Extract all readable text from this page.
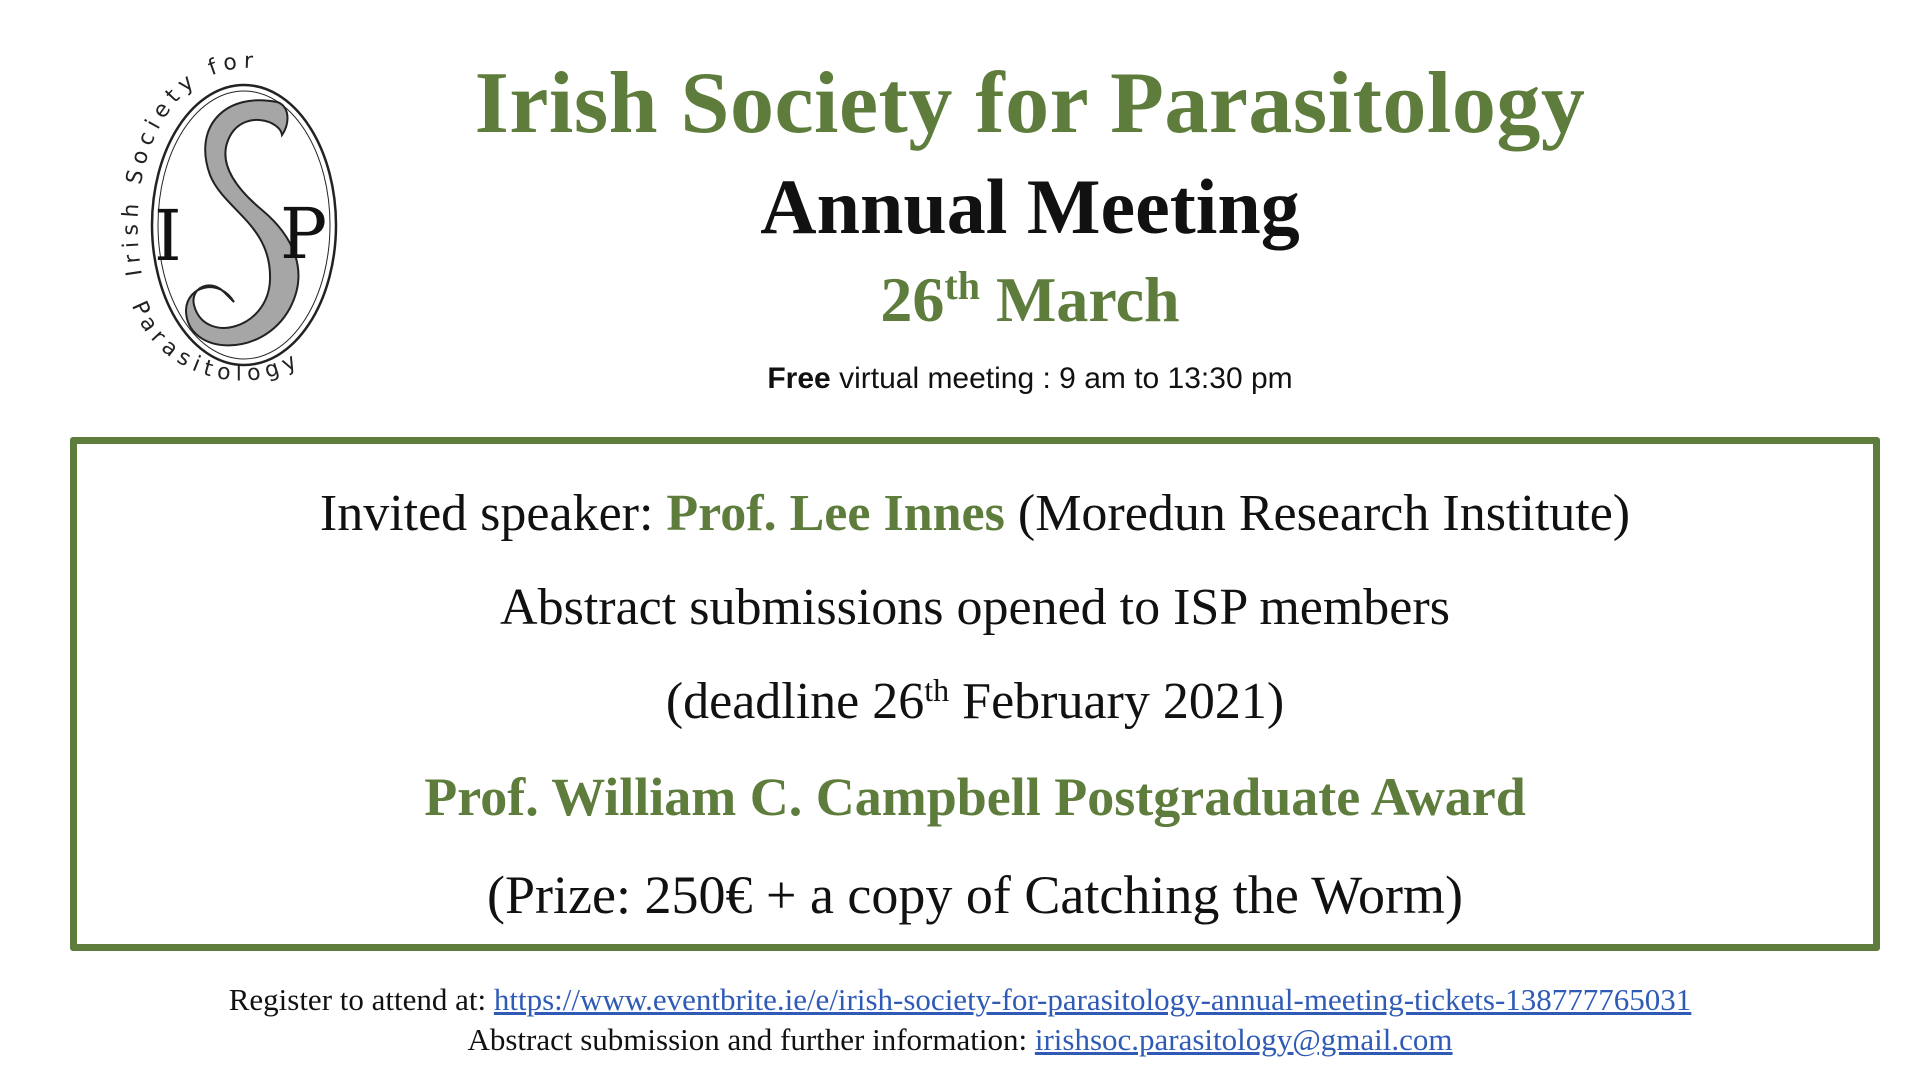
Irish Society for
Parasitology
I P
Irish Society for Parasitology
Annual Meeting
26th March
Free virtual meeting : 9 am to 13:30 pm
Invited speaker: Prof. Lee Innes (Moredun Research Institute)
Abstract submissions opened to ISP members
(deadline 26th February 2021)
Prof. William C. Campbell Postgraduate Award
(Prize: 250€ + a copy of Catching the Worm)
Register to attend at: https://www.eventbrite.ie/e/irish-society-for-parasitology-annual-meeting-tickets-138777765031
Abstract submission and further information: irishsoc.parasitology@gmail.com
